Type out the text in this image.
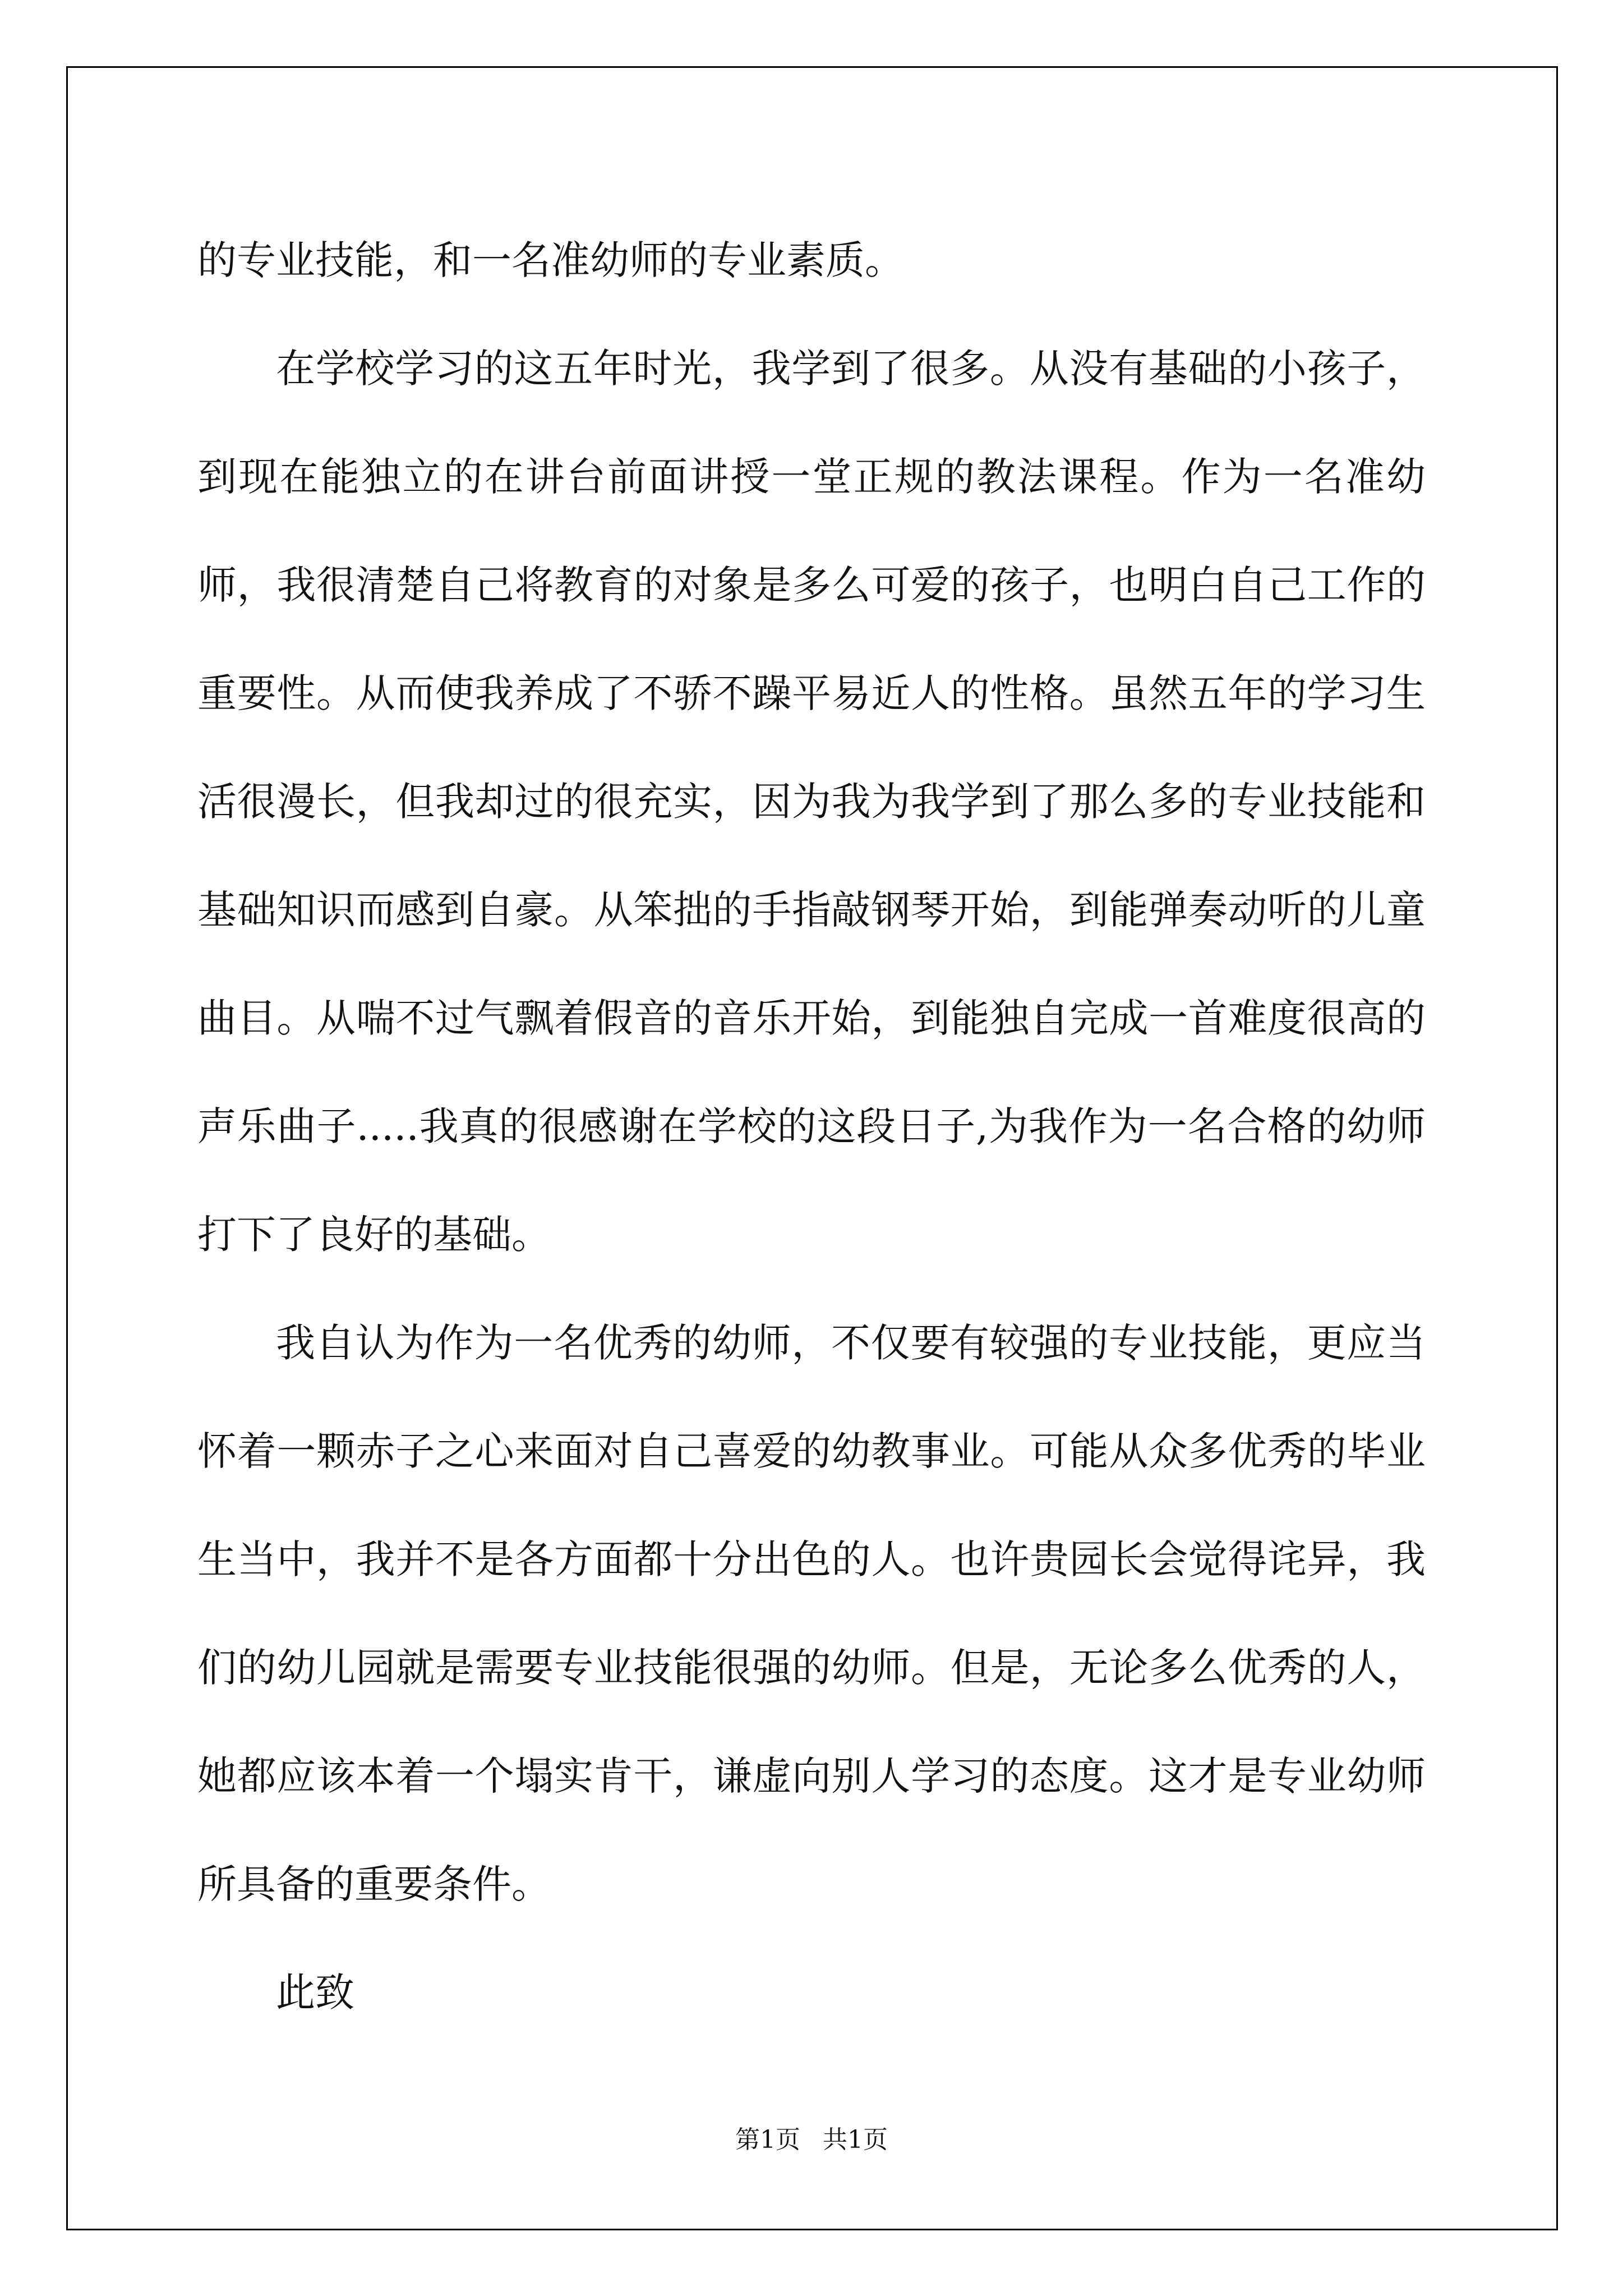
的专业技能，和一名准幼师的专业素质。

在学校学习的这五年时光，我学到了很多。从没有基础的小孩子，到现在能独立的在讲台前面讲授一堂正规的教法课程。作为一名准幼师，我很清楚自己将教育的对象是多么可爱的孩子，也明白自己工作的重要性。从而使我养成了不骄不躁平易近人的性格。虽然五年的学习生活很漫长，但我却过的很充实，因为我为我学到了那么多的专业技能和基础知识而感到自豪。从笨拙的手指敲钢琴开始，到能弹奏动听的儿童曲目。从喘不过气飘着假音的音乐开始，到能独自完成一首难度很高的声乐曲子.....我真的很感谢在学校的这段日子,为我作为一名合格的幼师打下了良好的基础。

我自认为作为一名优秀的幼师，不仅要有较强的专业技能，更应当怀着一颗赤子之心来面对自己喜爱的幼教事业。可能从众多优秀的毕业生当中，我并不是各方面都十分出色的人。也许贵园长会觉得诧异，我们的幼儿园就是需要专业技能很强的幼师。但是，无论多么优秀的人，她都应该本着一个塌实肯干，谦虚向别人学习的态度。这才是专业幼师所具备的重要条件。

此致

第1页 共1页
